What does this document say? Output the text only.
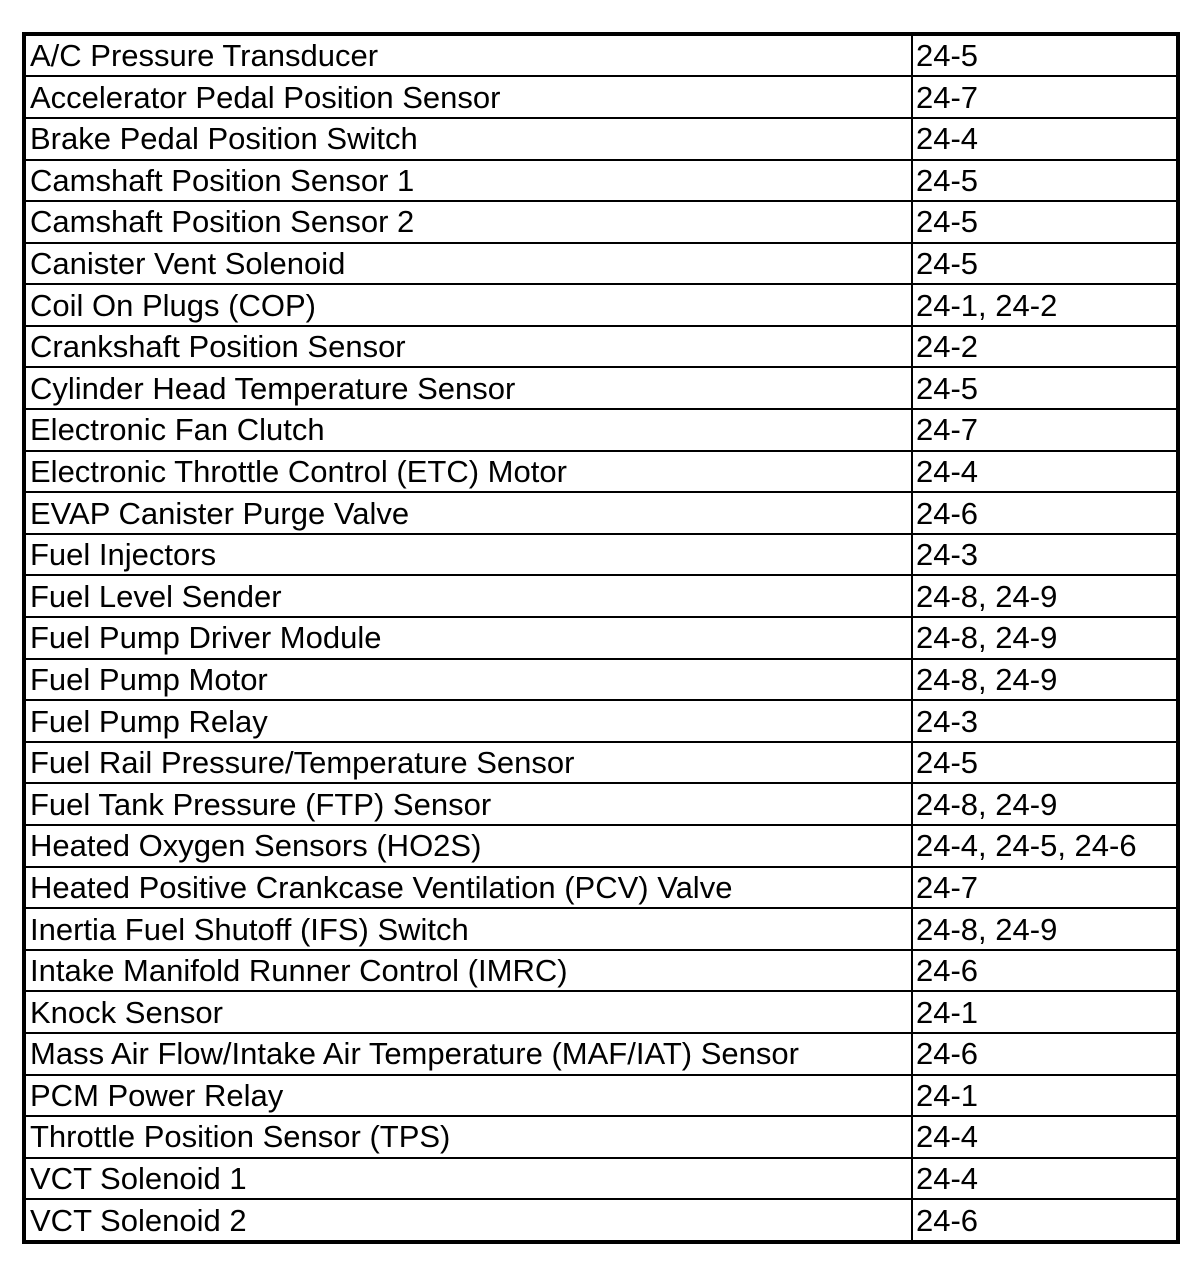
A/C Pressure Transducer	24-5
Accelerator Pedal Position Sensor	24-7
Brake Pedal Position Switch	24-4
Camshaft Position Sensor 1	24-5
Camshaft Position Sensor 2	24-5
Canister Vent Solenoid	24-5
Coil On Plugs (COP)	24-1, 24-2
Crankshaft Position Sensor	24-2
Cylinder Head Temperature Sensor	24-5
Electronic Fan Clutch	24-7
Electronic Throttle Control (ETC) Motor	24-4
EVAP Canister Purge Valve	24-6
Fuel Injectors	24-3
Fuel Level Sender	24-8, 24-9
Fuel Pump Driver Module	24-8, 24-9
Fuel Pump Motor	24-8, 24-9
Fuel Pump Relay	24-3
Fuel Rail Pressure/Temperature Sensor	24-5
Fuel Tank Pressure (FTP) Sensor	24-8, 24-9
Heated Oxygen Sensors (HO2S)	24-4, 24-5, 24-6
Heated Positive Crankcase Ventilation (PCV) Valve	24-7
Inertia Fuel Shutoff (IFS) Switch	24-8, 24-9
Intake Manifold Runner Control (IMRC)	24-6
Knock Sensor	24-1
Mass Air Flow/Intake Air Temperature (MAF/IAT) Sensor	24-6
PCM Power Relay	24-1
Throttle Position Sensor (TPS)	24-4
VCT Solenoid 1	24-4
VCT Solenoid 2	24-6
